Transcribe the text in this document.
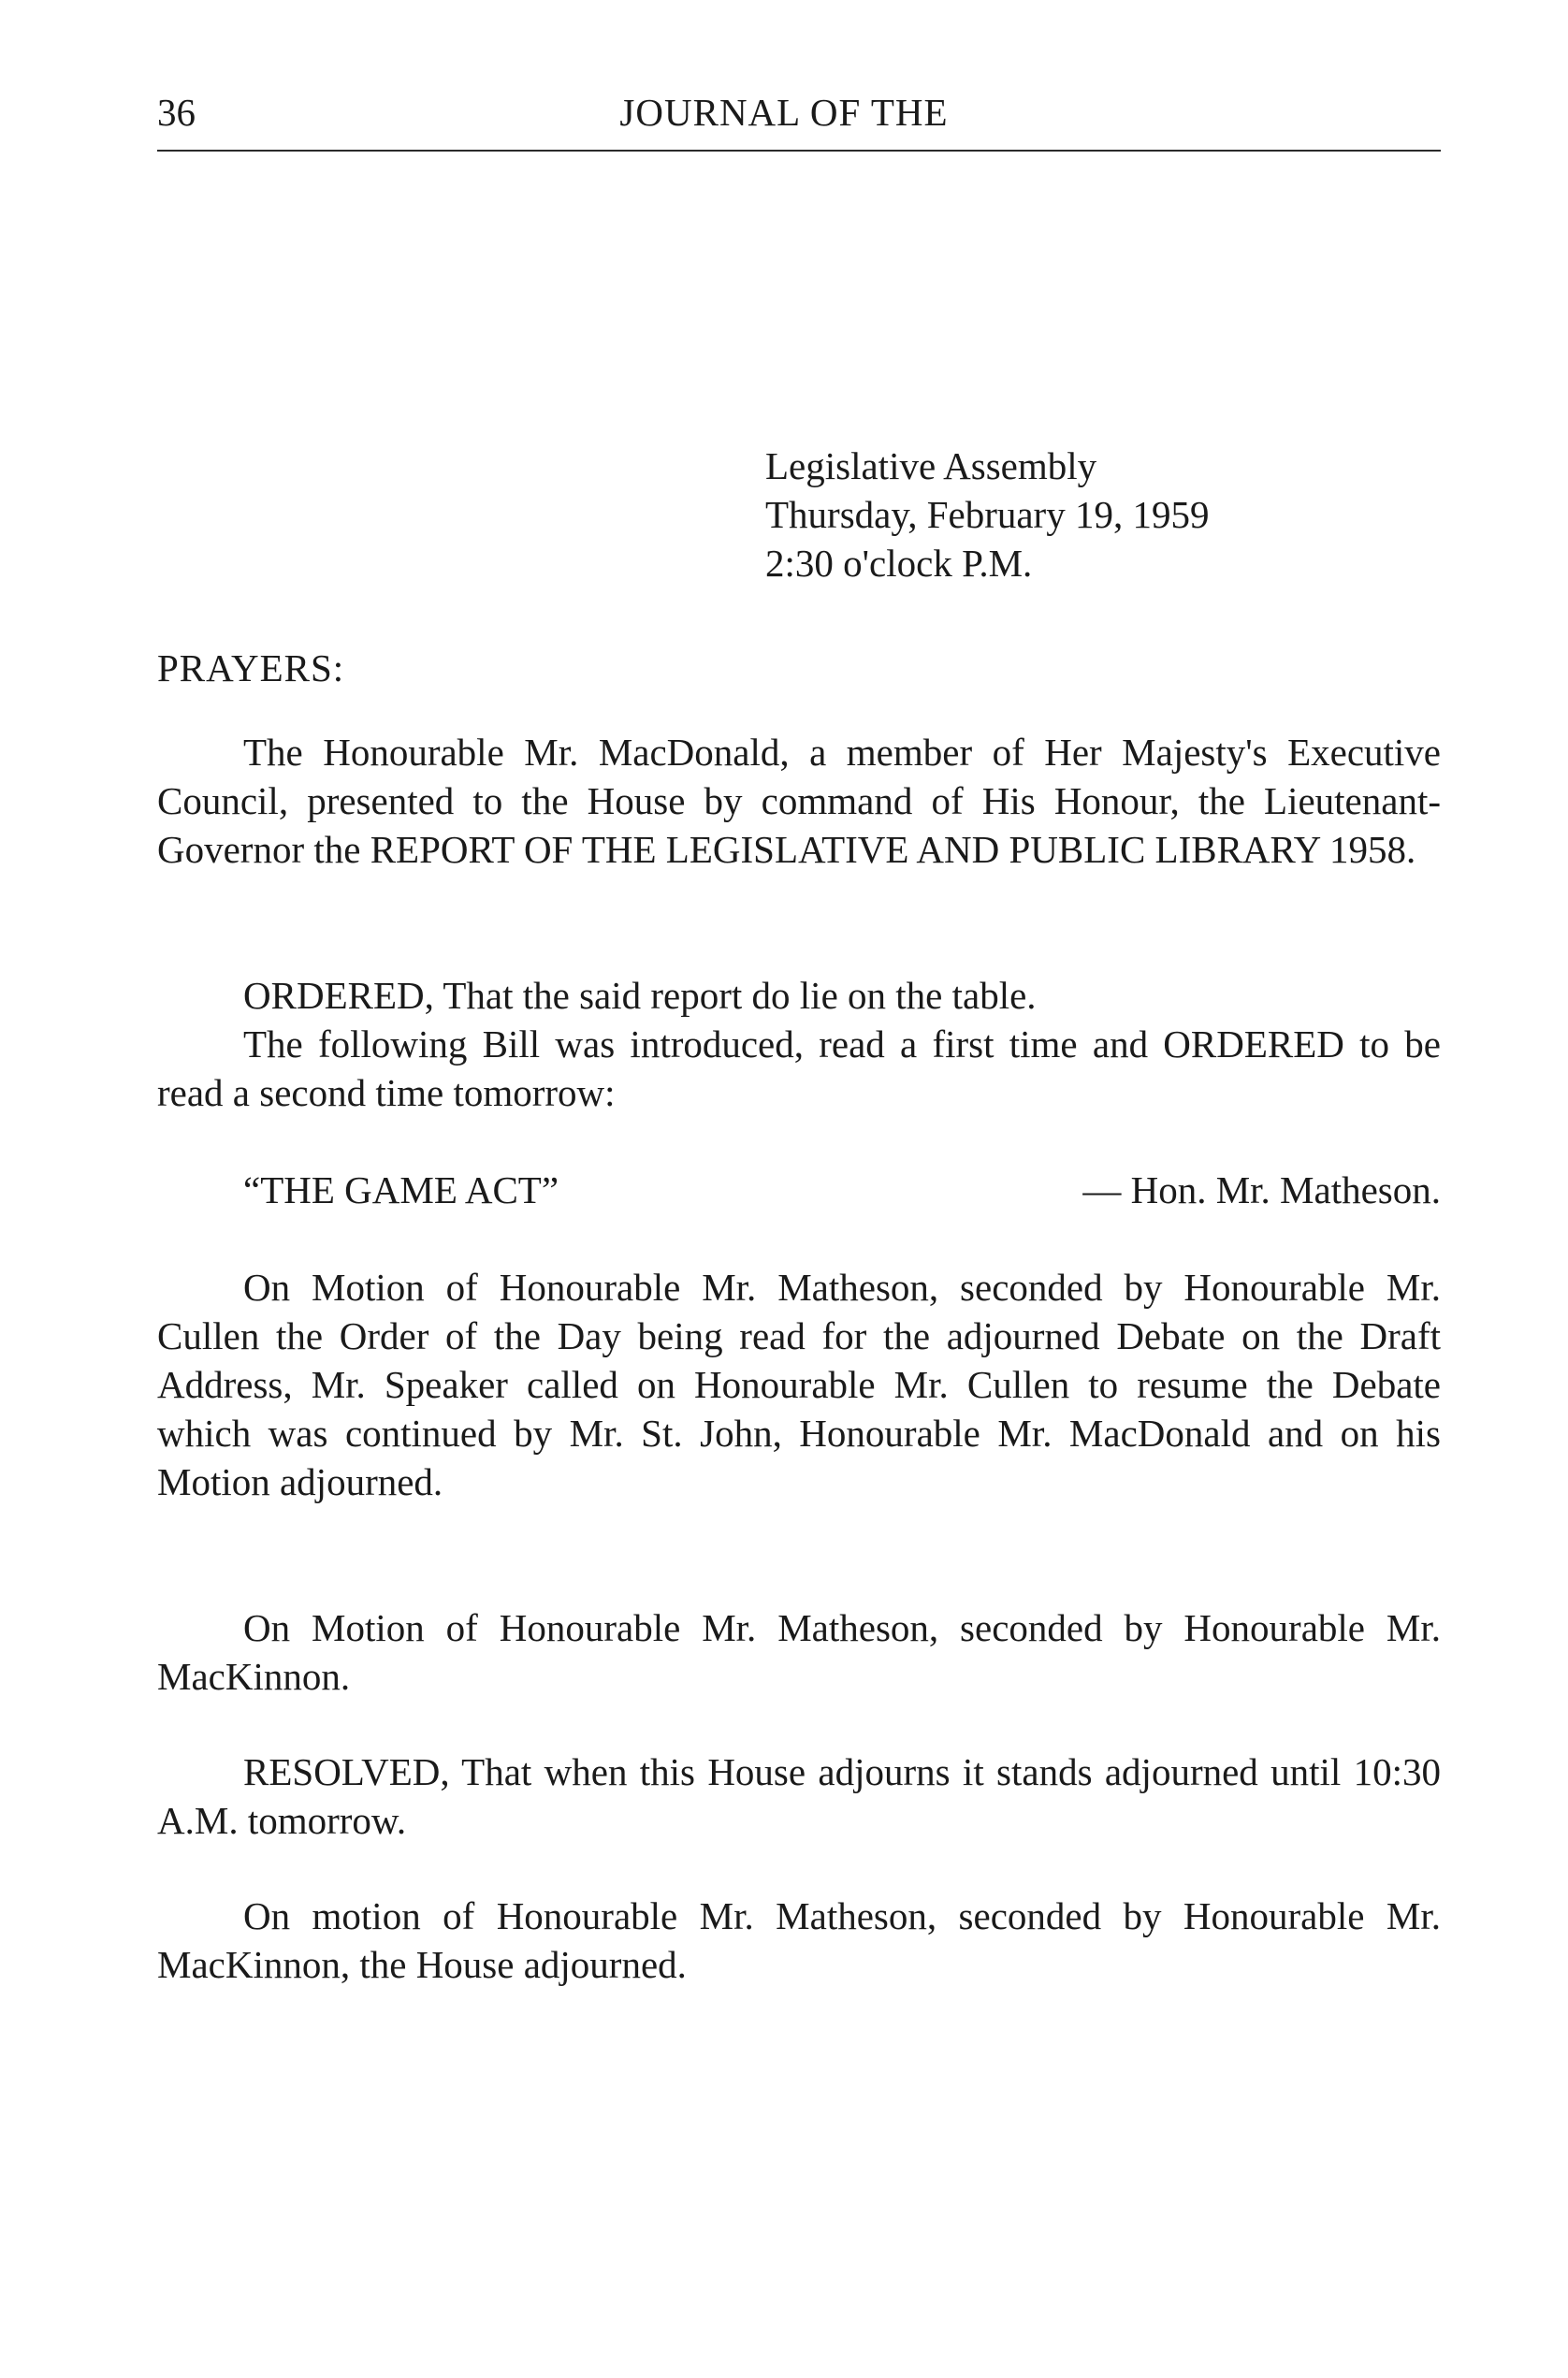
36	JOURNAL OF THE
Legislative Assembly
Thursday, February 19, 1959
2:30 o'clock P.M.
PRAYERS:

The Honourable Mr. MacDonald, a member of Her Majesty's Executive Council, presented to the House by command of His Honour, the Lieutenant-Governor the REPORT OF THE LEGISLATIVE AND PUBLIC LIBRARY 1958.

ORDERED, That the said report do lie on the table.

The following Bill was introduced, read a first time and ORDERED to be read a second time tomorrow:

“THE GAME ACT”	— Hon. Mr. Matheson.

On Motion of Honourable Mr. Matheson, seconded by Honourable Mr. Cullen the Order of the Day being read for the adjourned Debate on the Draft Address, Mr. Speaker called on Honourable Mr. Cullen to resume the Debate which was continued by Mr. St. John, Honourable Mr. MacDonald and on his Motion adjourned.

On Motion of Honourable Mr. Matheson, seconded by Honourable Mr. MacKinnon.

RESOLVED, That when this House adjourns it stands adjourned until 10:30 A.M. tomorrow.

On motion of Honourable Mr. Matheson, seconded by Honourable Mr. MacKinnon, the House adjourned.
